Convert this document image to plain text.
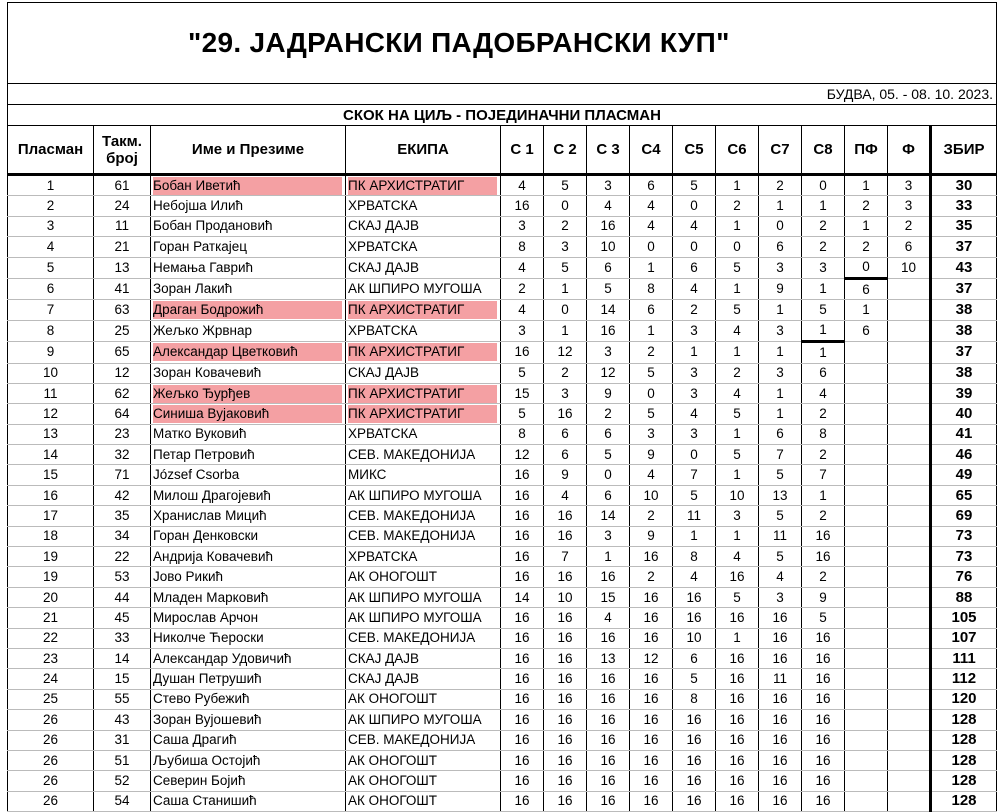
"29. ЈАДРАНСКИ ПАДОБРАНСКИ КУП"
БУДВА, 05. - 08. 10. 2023.
СКОК НА ЦИЉ - ПОЈЕДИНАЧНИ ПЛАСМАН
Пласман	Такм. број	Име и Презиме	ЕКИПА	С 1	С 2	С 3	С4	С5	С6	С7	С8	ПФ	Ф	ЗБИР
1	61	Бобан Иветић	ПК АРХИСТРАТИГ	4	5	3	6	5	1	2	0	1	3	30
2	24	Небојша Илић	ХРВАТСКА	16	0	4	4	0	2	1	1	2	3	33
3	11	Бобан Продановић	СКАЈ ДАЈВ	3	2	16	4	4	1	0	2	1	2	35
4	21	Горан Раткајец	ХРВАТСКА	8	3	10	0	0	0	6	2	2	6	37
5	13	Немања Гаврић	СКАЈ ДАЈВ	4	5	6	1	6	5	3	3	0	10	43
6	41	Зоран Лакић	АК ШПИРО МУГОША	2	1	5	8	4	1	9	1	6		37
7	63	Драган Бодрожић	ПК АРХИСТРАТИГ	4	0	14	6	2	5	1	5	1		38
8	25	Жељко Жрвнар	ХРВАТСКА	3	1	16	1	3	4	3	1	6		38
9	65	Александар Цветковић	ПК АРХИСТРАТИГ	16	12	3	2	1	1	1	1			37
10	12	Зоран Ковачевић	СКАЈ ДАЈВ	5	2	12	5	3	2	3	6			38
11	62	Жељко Ђурђев	ПК АРХИСТРАТИГ	15	3	9	0	3	4	1	4			39
12	64	Синиша Вујаковић	ПК АРХИСТРАТИГ	5	16	2	5	4	5	1	2			40
13	23	Матко Вуковић	ХРВАТСКА	8	6	6	3	3	1	6	8			41
14	32	Петар Петровић	СЕВ. МАКЕДОНИЈА	12	6	5	9	0	5	7	2			46
15	71	József Csorba	МИКС	16	9	0	4	7	1	5	7			49
16	42	Милош Драгојевић	АК ШПИРО МУГОША	16	4	6	10	5	10	13	1			65
17	35	Хранислав Мицић	СЕВ. МАКЕДОНИЈА	16	16	14	2	11	3	5	2			69
18	34	Горан Денковски	СЕВ. МАКЕДОНИЈА	16	16	3	9	1	1	11	16			73
19	22	Андрија Ковачевић	ХРВАТСКА	16	7	1	16	8	4	5	16			73
19	53	Јово Рикић	АК ОНОГОШТ	16	16	16	2	4	16	4	2			76
20	44	Младен Марковић	АК ШПИРО МУГОША	14	10	15	16	16	5	3	9			88
21	45	Мирослав Арчон	АК ШПИРО МУГОША	16	16	4	16	16	16	16	5			105
22	33	Николче Ћероски	СЕВ. МАКЕДОНИЈА	16	16	16	16	10	1	16	16			107
23	14	Александар Удовичић	СКАЈ ДАЈВ	16	16	13	12	6	16	16	16			111
24	15	Душан Петрушић	СКАЈ ДАЈВ	16	16	16	16	5	16	11	16			112
25	55	Стево Рубежић	АК ОНОГОШТ	16	16	16	16	8	16	16	16			120
26	43	Зоран Вујошевић	АК ШПИРО МУГОША	16	16	16	16	16	16	16	16			128
26	31	Саша Драгић	СЕВ. МАКЕДОНИЈА	16	16	16	16	16	16	16	16			128
26	51	Љубиша Остојић	АК ОНОГОШТ	16	16	16	16	16	16	16	16			128
26	52	Северин Бојић	АК ОНОГОШТ	16	16	16	16	16	16	16	16			128
26	54	Саша Станишић	АК ОНОГОШТ	16	16	16	16	16	16	16	16			128
